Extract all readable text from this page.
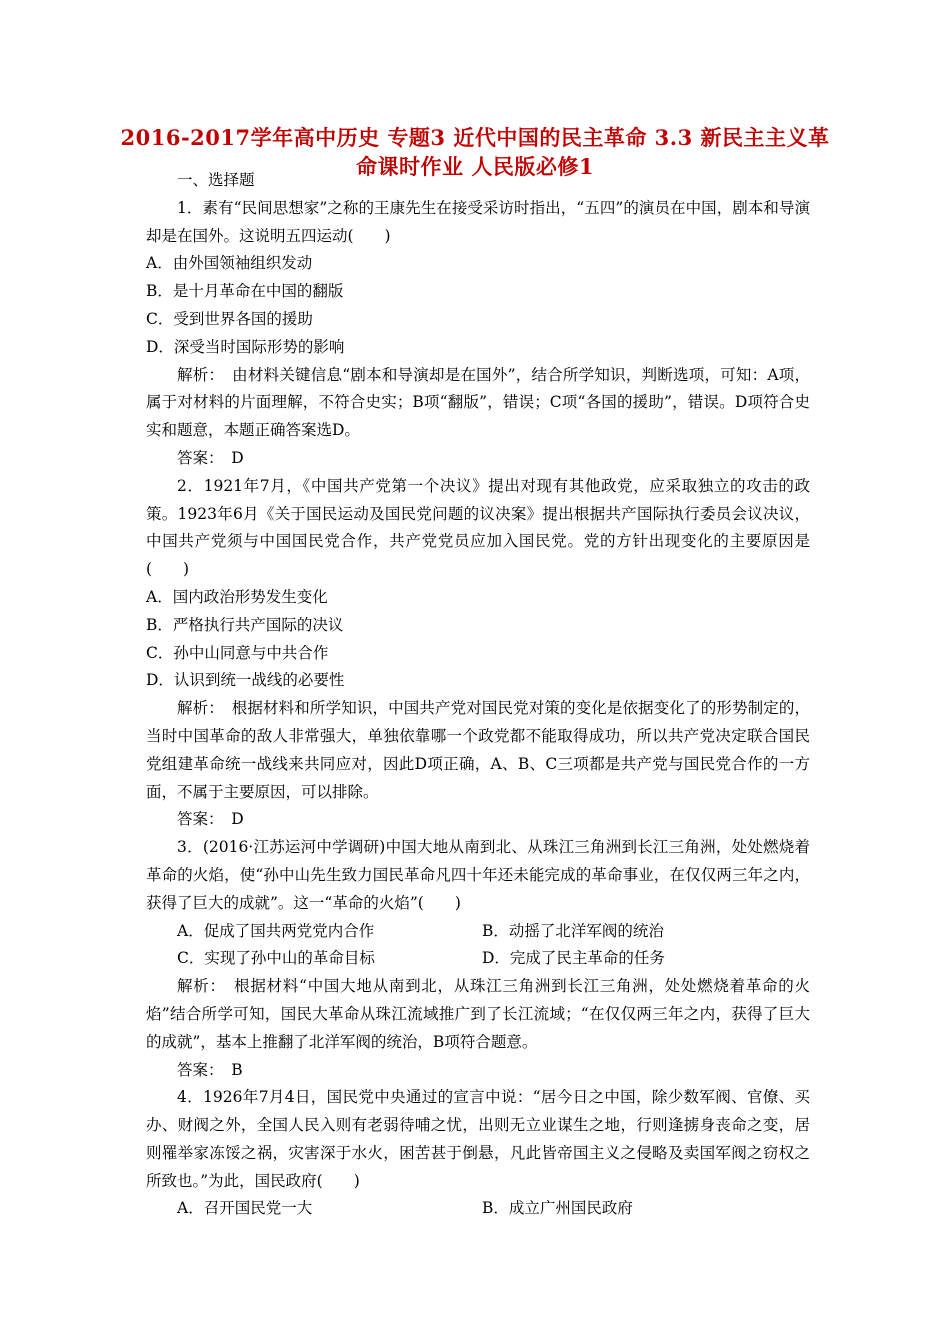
2016-2017学年高中历史 专题3 近代中国的民主革命 3.3 新民主主义革命课时作业 人民版必修1

一、选择题

1．素有“民间思想家”之称的王康先生在接受采访时指出，“五四”的演员在中国，剧本和导演却是在国外。这说明五四运动(　　)

A．由外国领袖组织发动

B．是十月革命在中国的翻版

C．受到世界各国的援助

D．深受当时国际形势的影响

解析：　由材料关键信息“剧本和导演却是在国外”，结合所学知识，判断选项，可知：A项，属于对材料的片面理解，不符合史实；B项“翻版”，错误；C项“各国的援助”，错误。D项符合史实和题意，本题正确答案选D。

答案：　D

2．1921年7月，《中国共产党第一个决议》提出对现有其他政党，应采取独立的攻击的政策。1923年6月《关于国民运动及国民党问题的议决案》提出根据共产国际执行委员会议决议，中国共产党须与中国国民党合作，共产党党员应加入国民党。党的方针出现变化的主要原因是(　　)

A．国内政治形势发生变化

B．严格执行共产国际的决议

C．孙中山同意与中共合作

D．认识到统一战线的必要性

解析：　根据材料和所学知识，中国共产党对国民党对策的变化是依据变化了的形势制定的，当时中国革命的敌人非常强大，单独依靠哪一个政党都不能取得成功，所以共产党决定联合国民党组建革命统一战线来共同应对，因此D项正确，A、B、C三项都是共产党与国民党合作的一方面，不属于主要原因，可以排除。

答案：　D

3．(2016·江苏运河中学调研)中国大地从南到北、从珠江三角洲到长江三角洲，处处燃烧着革命的火焰，使“孙中山先生致力国民革命凡四十年还未能完成的革命事业，在仅仅两三年之内，获得了巨大的成就”。这一“革命的火焰”(　　)

A．促成了国共两党党内合作	B．动摇了北洋军阀的统治
C．实现了孙中山的革命目标	D．完成了民主革命的任务

解析：　根据材料“中国大地从南到北，从珠江三角洲到长江三角洲，处处燃烧着革命的火焰”结合所学可知，国民大革命从珠江流域推广到了长江流域；“在仅仅两三年之内，获得了巨大的成就”，基本上推翻了北洋军阀的统治，B项符合题意。

答案：　B

4．1926年7月4日，国民党中央通过的宣言中说：“居今日之中国，除少数军阀、官僚、买办、财阀之外，全国人民入则有老弱待哺之忧，出则无立业谋生之地，行则逢掳身丧命之变，居则罹举家冻馁之祸，灾害深于水火，困苦甚于倒悬，凡此皆帝国主义之侵略及卖国军阀之窃权之所致也。”为此，国民政府(　　)

A．召开国民党一大	B．成立广州国民政府
